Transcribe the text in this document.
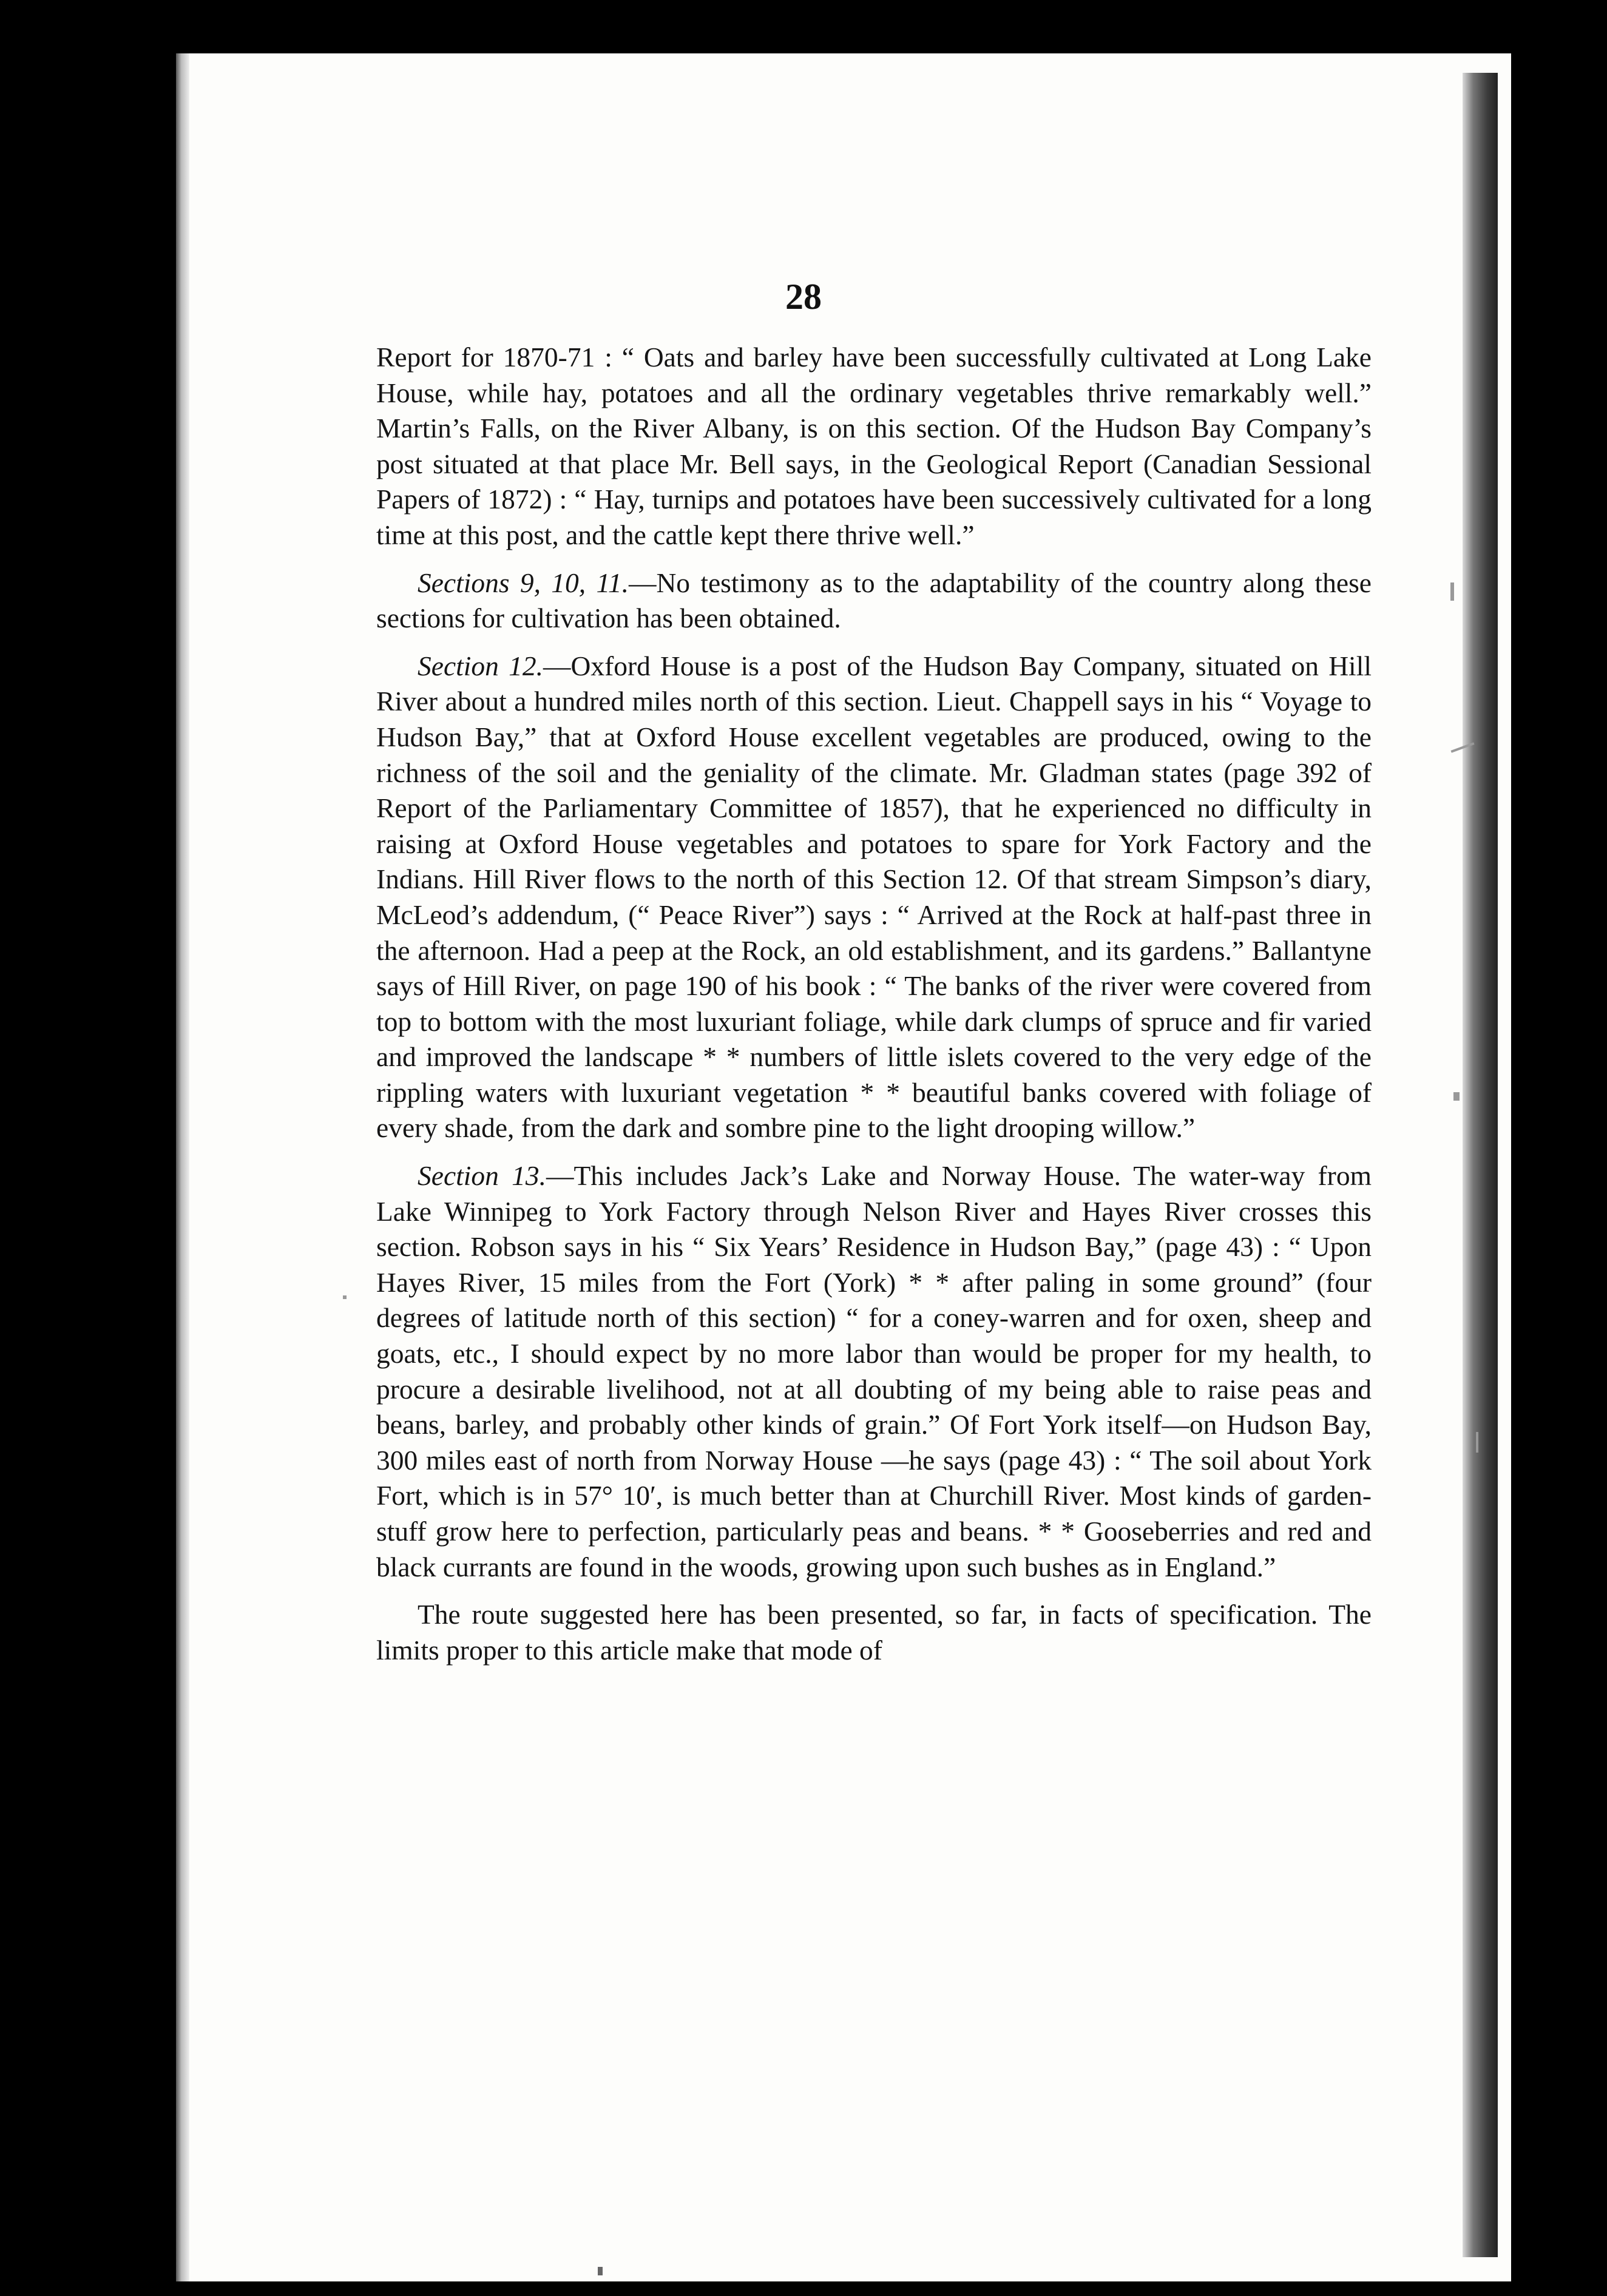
28

Report for 1870-71 : “ Oats and barley have been successfully cultivated at Long Lake House, while hay, potatoes and all the ordinary vegetables thrive remarkably well.” Martin’s Falls, on the River Albany, is on this section. Of the Hudson Bay Company’s post situated at that place Mr. Bell says, in the Geological Report (Canadian Sessional Papers of 1872) : “ Hay, turnips and potatoes have been successively cultivated for a long time at this post, and the cattle kept there thrive well.”

Sections 9, 10, 11.—No testimony as to the adaptability of the country along these sections for cultivation has been obtained.

Section 12.—Oxford House is a post of the Hudson Bay Company, situated on Hill River about a hundred miles north of this section. Lieut. Chappell says in his “ Voyage to Hudson Bay,” that at Oxford House excellent vegetables are produced, owing to the richness of the soil and the geniality of the climate. Mr. Gladman states (page 392 of Report of the Parliamentary Committee of 1857), that he experienced no difficulty in raising at Oxford House vegetables and potatoes to spare for York Factory and the Indians. Hill River flows to the north of this Section 12. Of that stream Simpson’s diary, McLeod’s addendum, (“ Peace River”) says : “ Arrived at the Rock at half-past three in the afternoon. Had a peep at the Rock, an old establishment, and its gardens.” Ballantyne says of Hill River, on page 190 of his book : “ The banks of the river were covered from top to bottom with the most luxuriant foliage, while dark clumps of spruce and fir varied and improved the landscape * * numbers of little islets covered to the very edge of the rippling waters with luxuriant vegetation * * beautiful banks covered with foliage of every shade, from the dark and sombre pine to the light drooping willow.”

Section 13.—This includes Jack’s Lake and Norway House. The water-way from Lake Winnipeg to York Factory through Nelson River and Hayes River crosses this section. Robson says in his “ Six Years’ Residence in Hudson Bay,” (page 43) : “ Upon Hayes River, 15 miles from the Fort (York) * * after paling in some ground” (four degrees of latitude north of this section) “ for a coney-warren and for oxen, sheep and goats, etc., I should expect by no more labor than would be proper for my health, to procure a desirable livelihood, not at all doubting of my being able to raise peas and beans, barley, and probably other kinds of grain.” Of Fort York itself—on Hudson Bay, 300 miles east of north from Norway House —he says (page 43) : “ The soil about York Fort, which is in 57° 10′, is much better than at Churchill River. Most kinds of garden-stuff grow here to perfection, particularly peas and beans. * * Gooseberries and red and black currants are found in the woods, growing upon such bushes as in England.”

The route suggested here has been presented, so far, in facts of specification. The limits proper to this article make that mode of
